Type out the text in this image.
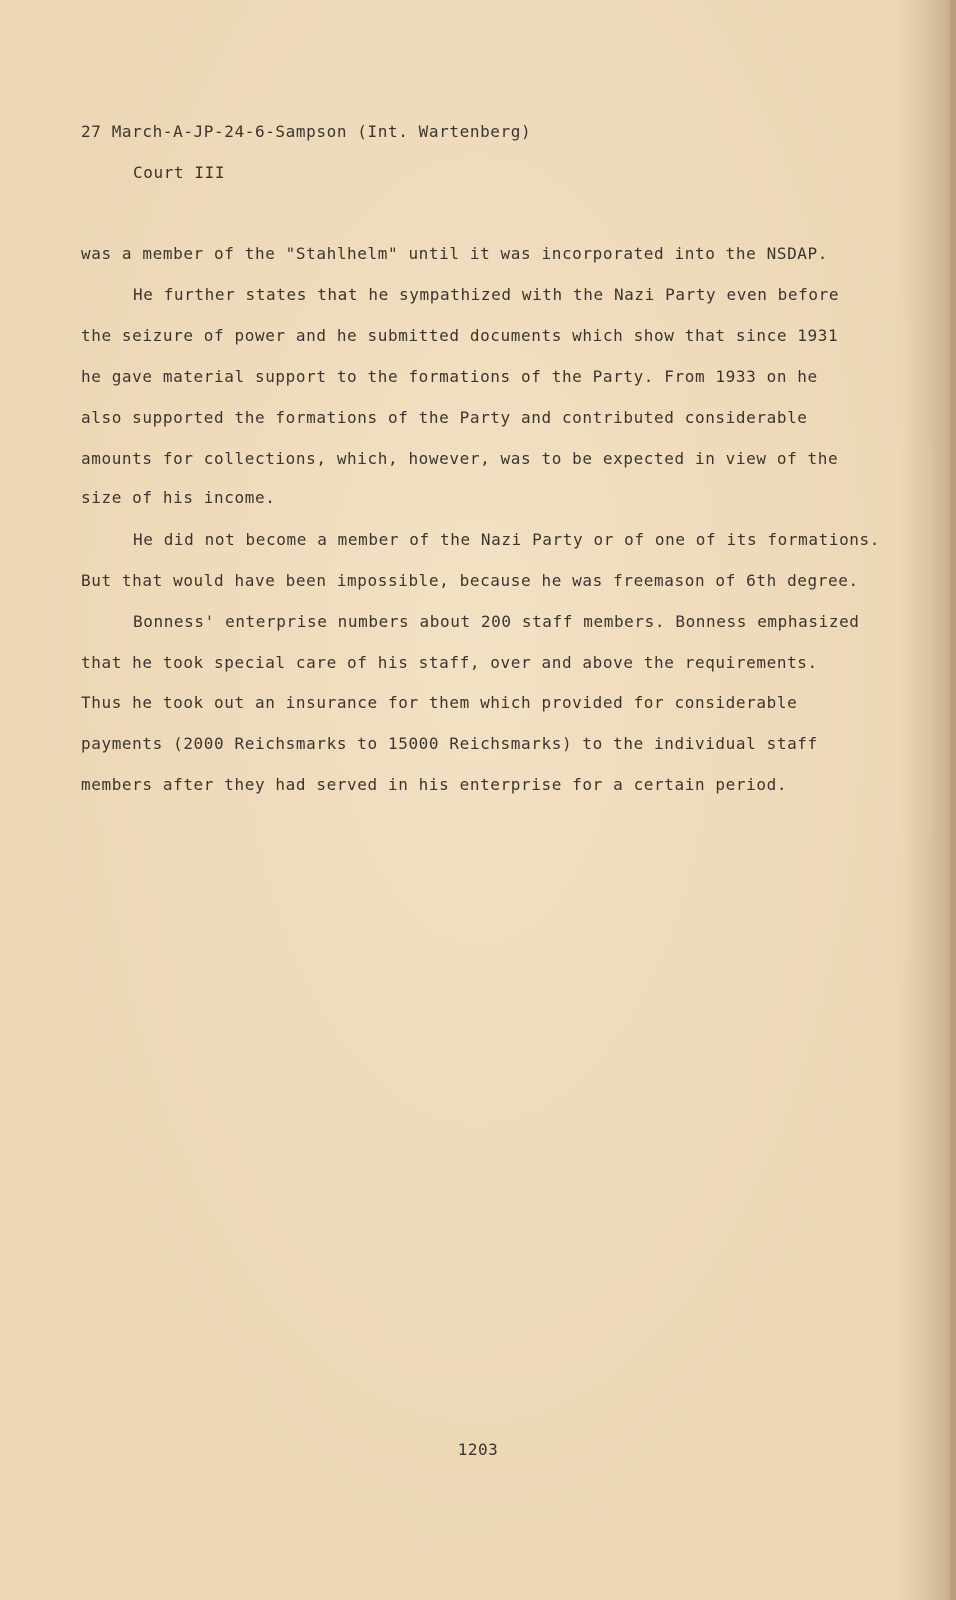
27 March-A-JP-24-6-Sampson (Int. Wartenberg)
Court III
was a member of the "Stahlhelm" until it was incorporated into the NSDAP.
He further states that he sympathized with the Nazi Party even before
the seizure of power and he submitted documents which show that since 1931
he gave material support to the formations of the Party. From 1933 on he
also supported the formations of the Party and contributed considerable
amounts for collections, which, however, was to be expected in view of the
size of his income.
He did not become a member of the Nazi Party or of one of its formations.
But that would have been impossible, because he was freemason of 6th degree.
Bonness' enterprise numbers about 200 staff members. Bonness emphasized
that he took special care of his staff, over and above the requirements.
Thus he took out an insurance for them which provided for considerable
payments (2000 Reichsmarks to 15000 Reichsmarks) to the individual staff
members after they had served in his enterprise for a certain period.
1203
